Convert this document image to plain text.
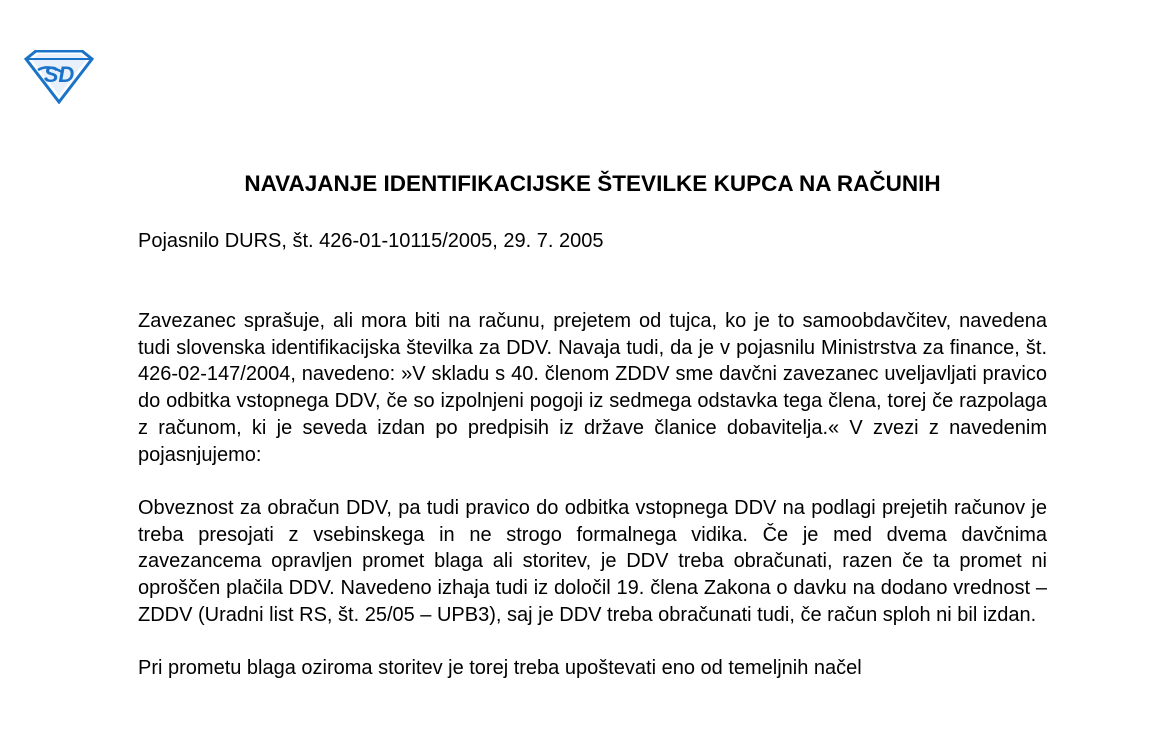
SD
NAVAJANJE IDENTIFIKACIJSKE ŠTEVILKE KUPCA NA RAČUNIH

Pojasnilo DURS, št. 426-01-10115/2005, 29. 7. 2005

Zavezanec sprašuje, ali mora biti na računu, prejetem od tujca, ko je to samoobdavčitev, navedena tudi slovenska identifikacijska številka za DDV. Navaja tudi, da je v pojasnilu Ministrstva za finance, št. 426-02-147/2004, navedeno: »V skladu s 40. členom ZDDV sme davčni zavezanec uveljavljati pravico do odbitka vstopnega DDV, če so izpolnjeni pogoji iz sedmega odstavka tega člena, torej če razpolaga z računom, ki je seveda izdan po predpisih iz države članice dobavitelja.« V zvezi z navedenim pojasnjujemo:

Obveznost za obračun DDV, pa tudi pravico do odbitka vstopnega DDV na podlagi prejetih računov je treba presojati z vsebinskega in ne strogo formalnega vidika. Če je med dvema davčnima zavezancema opravljen promet blaga ali storitev, je DDV treba obračunati, razen če ta promet ni oproščen plačila DDV. Navedeno izhaja tudi iz določil 19. člena Zakona o davku na dodano vrednost – ZDDV (Uradni list RS, št. 25/05 – UPB3), saj je DDV treba obračunati tudi, če račun sploh ni bil izdan.

Pri prometu blaga oziroma storitev je torej treba upoštevati eno od temeljnih načel
